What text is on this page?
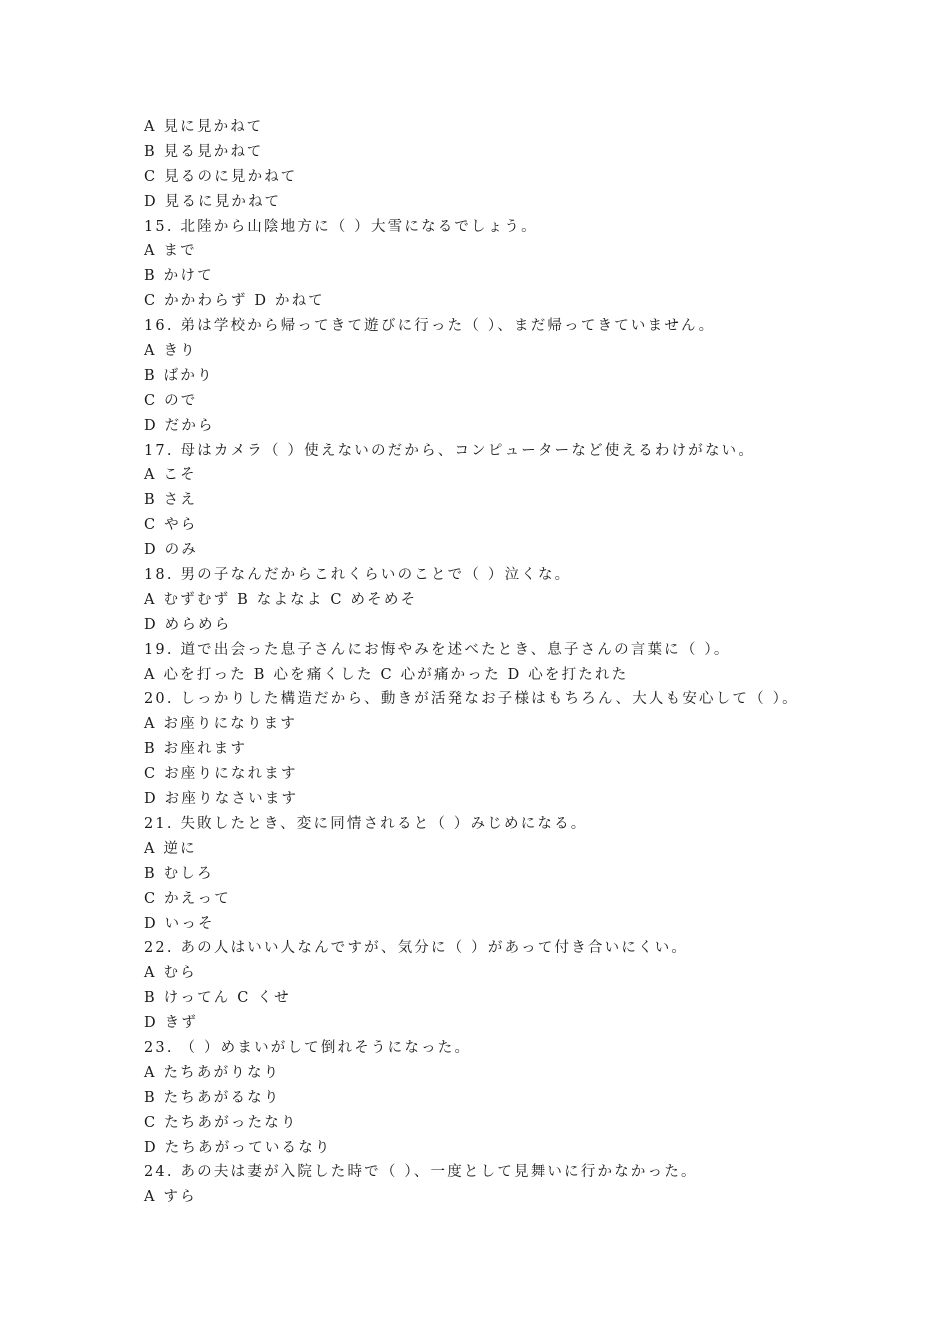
A 見に見かねて
B 見る見かねて
C 見るのに見かねて
D 見るに見かねて
15. 北陸から山陰地方に（ ）大雪になるでしょう。
A まで
B かけて
C かかわらず D かねて
16. 弟は学校から帰ってきて遊びに行った（ ）、まだ帰ってきていません。
A きり
B ばかり
C ので
D だから
17. 母はカメラ（ ）使えないのだから、コンピューターなど使えるわけがない。
A こそ
B さえ
C やら
D のみ
18. 男の子なんだからこれくらいのことで（ ）泣くな。
A むずむず B なよなよ C めそめそ
D めらめら
19. 道で出会った息子さんにお悔やみを述べたとき、息子さんの言葉に（ ）。
A 心を打った B 心を痛くした C 心が痛かった D 心を打たれた
20. しっかりした構造だから、動きが活発なお子様はもちろん、大人も安心して（ ）。
A お座りになります
B お座れます
C お座りになれます
D お座りなさいます
21. 失敗したとき、変に同情されると（ ）みじめになる。
A 逆に
B むしろ
C かえって
D いっそ
22. あの人はいい人なんですが、気分に（ ）があって付き合いにくい。
A むら
B けってん C くせ
D きず
23. （ ）めまいがして倒れそうになった。
A たちあがりなり
B たちあがるなり
C たちあがったなり
D たちあがっているなり
24. あの夫は妻が入院した時で（ ）、一度として見舞いに行かなかった。
A すら
